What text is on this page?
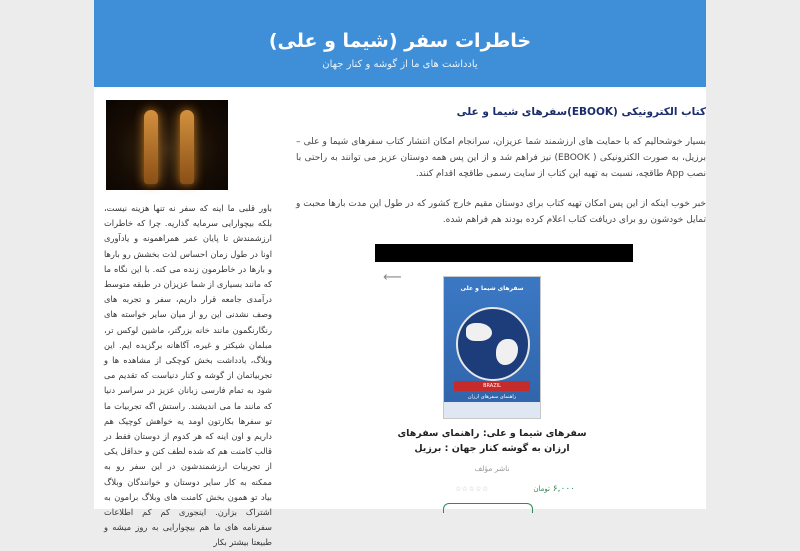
خاطرات سفر (شیما و علی)
یادداشت های ما از گوشه و کنار جهان
کتاب الکترونیکی (EBOOK)سفرهای شیما و علی

بسیار خوشحالیم که با حمایت های ارزشمند شما عزیزان، سرانجام امکان انتشار کتاب سفرهای شیما و علی – برزیل، به صورت الکترونیکی ( EBOOK) نیز فراهم شد و از این پس همه دوستان عزیز می توانند به راحتی با نصب App طاقچه، نسبت به تهیه این کتاب از سایت رسمی طاقچه اقدام کنند.

خبر خوب اینکه از این پس امکان تهیه کتاب برای دوستان مقیم خارج کشور که در طول این مدت بارها محبت و تمایل خودشون رو برای دریافت کتاب اعلام کرده بودند هم فراهم شده.

⟵
سفرهای شیما و علی
BRAZIL
راهنمای سفرهای ارزان
سفرهای شیما و علی: راهنمای سفرهای ارزان به گوشه کنار جهان : برزیل
ناشر مؤلف
۶,۰۰۰ تومان
☆☆☆☆☆

باور قلبی ما اینه که سفر نه تنها هزینه نیست، بلکه بیچوارایی سرمایه گذاریه. چرا که خاطرات ارزشمندش تا پایان عمر همراهمونه و یادآوری اونا در طول زمان احساس لذت بخشش رو بارها و بارها در خاطرمون زنده می کنه. با این نگاه ما که مانند بسیاری از شما عزیزان در طبقه متوسط درآمدی جامعه قرار داریم، سفر و تجربه های وصف نشدنی این رو از میان سایر خواسته های رنگارنگمون مانند خانه بزرگتر، ماشین لوکس تر، مبلمان شیکتر و غیره، آگاهانه برگزیده ایم. این وبلاگ، یادداشت بخش کوچکی از مشاهده ها و تجربیاتمان از گوشه و کنار دنیاست که تقدیم می شود به تمام فارسی زبانان عزیز در سراسر دنیا که مانند ما می اندیشند. راستش اگه تجربیات ما تو سفرها بکارتون اومد یه خواهش کوچیک هم داریم و اون اینه که هر کدوم از دوستان فقط در قالب کامنت هم که شده لطف کنن و حداقل یکی از تجربیات ارزشمندشون در این سفر رو به ممکنه به کار سایر دوستان و خوانندگان وبلاگ بیاد تو همون بخش کامنت های وبلاگ برامون به اشتراک بزارن. اینجوری کم کم اطلاعات سفرنامه های ما هم بیچوارایی به روز میشه و طبیعتا بیشتر بکار
